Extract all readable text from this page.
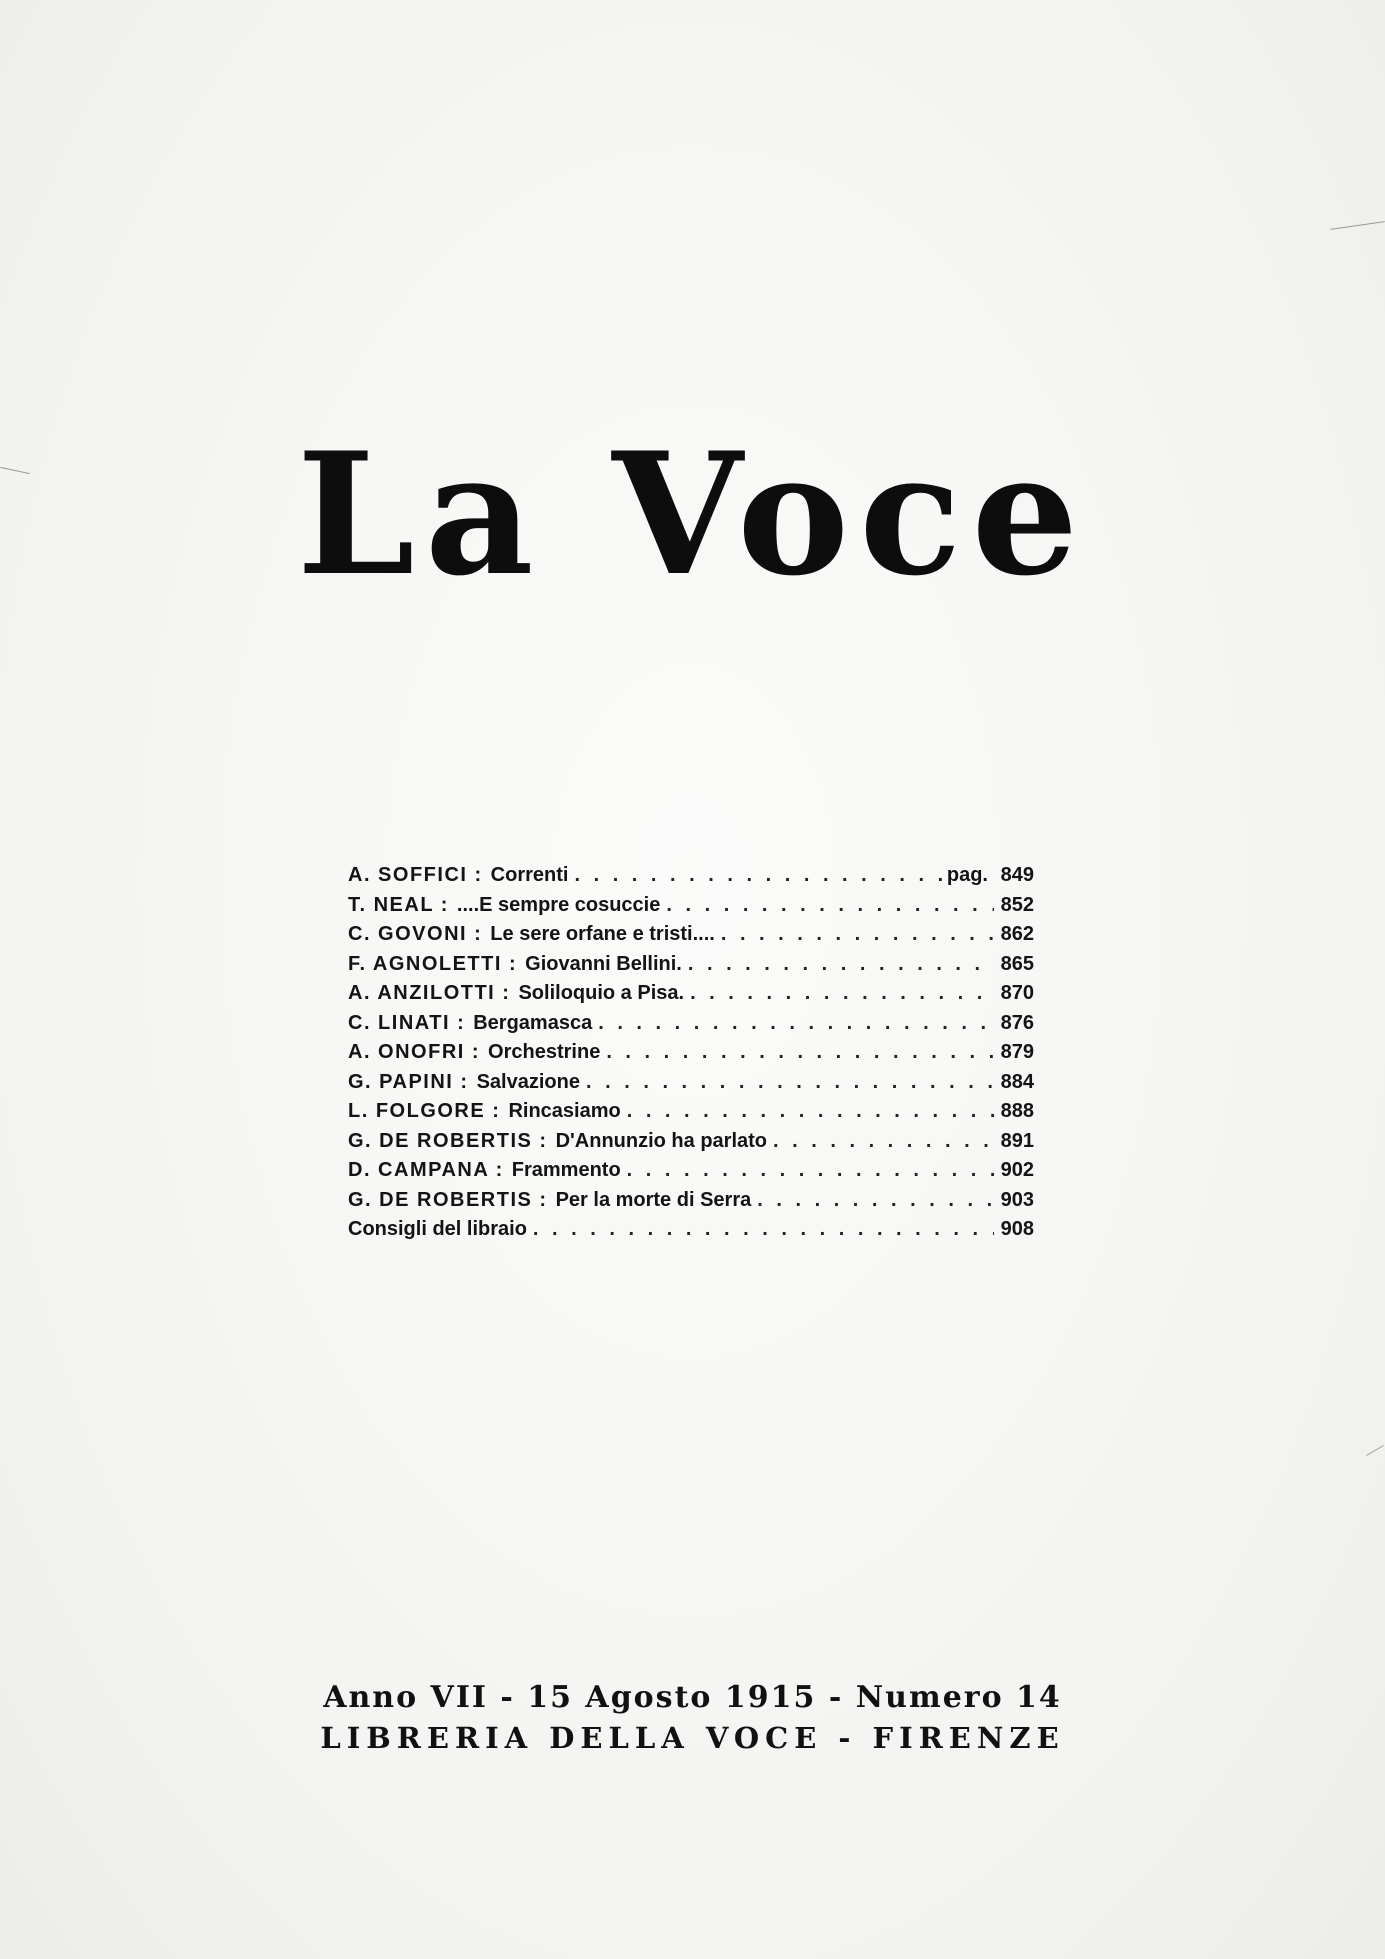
La Voce
A. SOFFICI : Correnti . . .	pag. 849
T. NEAL : ....E sempre cosuccie . . .	852
C. GOVONI : Le sere orfane e tristi.... . . .	862
F. AGNOLETTI : Giovanni Bellini. . . .	865
A. ANZILOTTI : Soliloquio a Pisa. . . .	870
C. LINATI : Bergamasca . . .	876
A. ONOFRI : Orchestrine . . .	879
G. PAPINI : Salvazione . . .	884
L. FOLGORE : Rincasiamo . . .	888
G. DE ROBERTIS : D'Annunzio ha parlato . . .	891
D. CAMPANA : Frammento . . .	902
G. DE ROBERTIS : Per la morte di Serra . . .	903
Consigli del libraio . . .	908
Anno VII - 15 Agosto 1915 - Numero 14
LIBRERIA DELLA VOCE - FIRENZE
